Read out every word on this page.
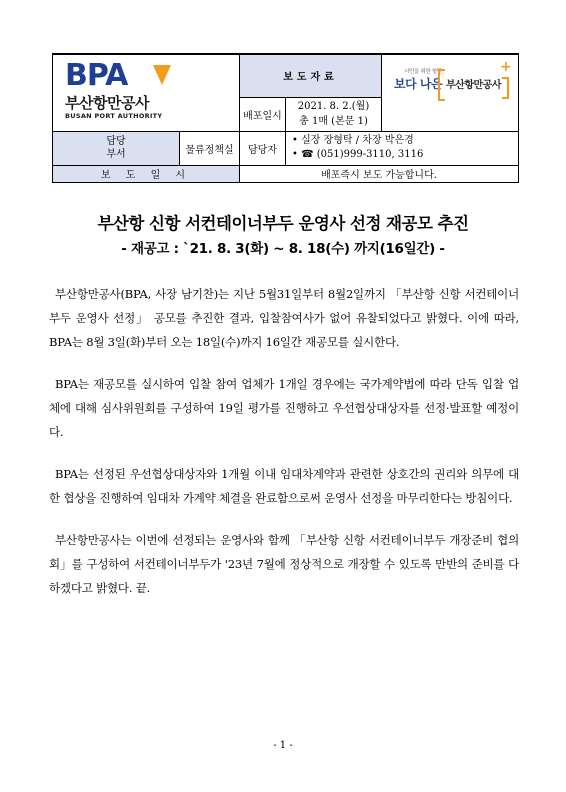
BPA
부산항만공사
BUSAN PORT AUTHORITY		보도자료		시민을 위한 항만
보다 나은 부산항만공사
+

		배포일시	2021. 8. 2.(월)
총 1매 (본문 1)	

담당부서	물류정책실	담당자	• 실장 장형탁 / 차장 박은경
• ☎ (051)999-3110, 3116	

보 도 일 시		배포즉시 보도 가능합니다.		
부산항 신항 서컨테이너부두 운영사 선정 재공모 추진
- 재공고 : `21. 8. 3(화) ~ 8. 18(수) 까지(16일간) -

부산항만공사(BPA, 사장 남기찬)는 지난 5월31일부터 8월2일까지 「부산항 신항 서컨테이너부두 운영사 선정」 공모를 추진한 결과, 입찰참여사가 없어 유찰되었다고 밝혔다. 이에 따라, BPA는 8월 3일(화)부터 오는 18일(수)까지 16일간 재공모를 실시한다.

BPA는 재공모를 실시하여 입찰 참여 업체가 1개일 경우에는 국가계약법에 따라 단독 입찰 업체에 대해 심사위원회를 구성하여 19일 평가를 진행하고 우선협상대상자를 선정·발표할 예정이다.

BPA는 선정된 우선협상대상자와 1개월 이내 임대차계약과 관련한 상호간의 권리와 의무에 대한 협상을 진행하여 임대차 가계약 체결을 완료함으로써 운영사 선정을 마무리한다는 방침이다.

부산항만공사는 이번에 선정되는 운영사와 함께 「부산항 신항 서컨테이너부두 개장준비 협의회」를 구성하여 서컨테이너부두가 '23년 7월에 정상적으로 개장할 수 있도록 만반의 준비를 다하겠다고 밝혔다. 끝.

- 1 -
